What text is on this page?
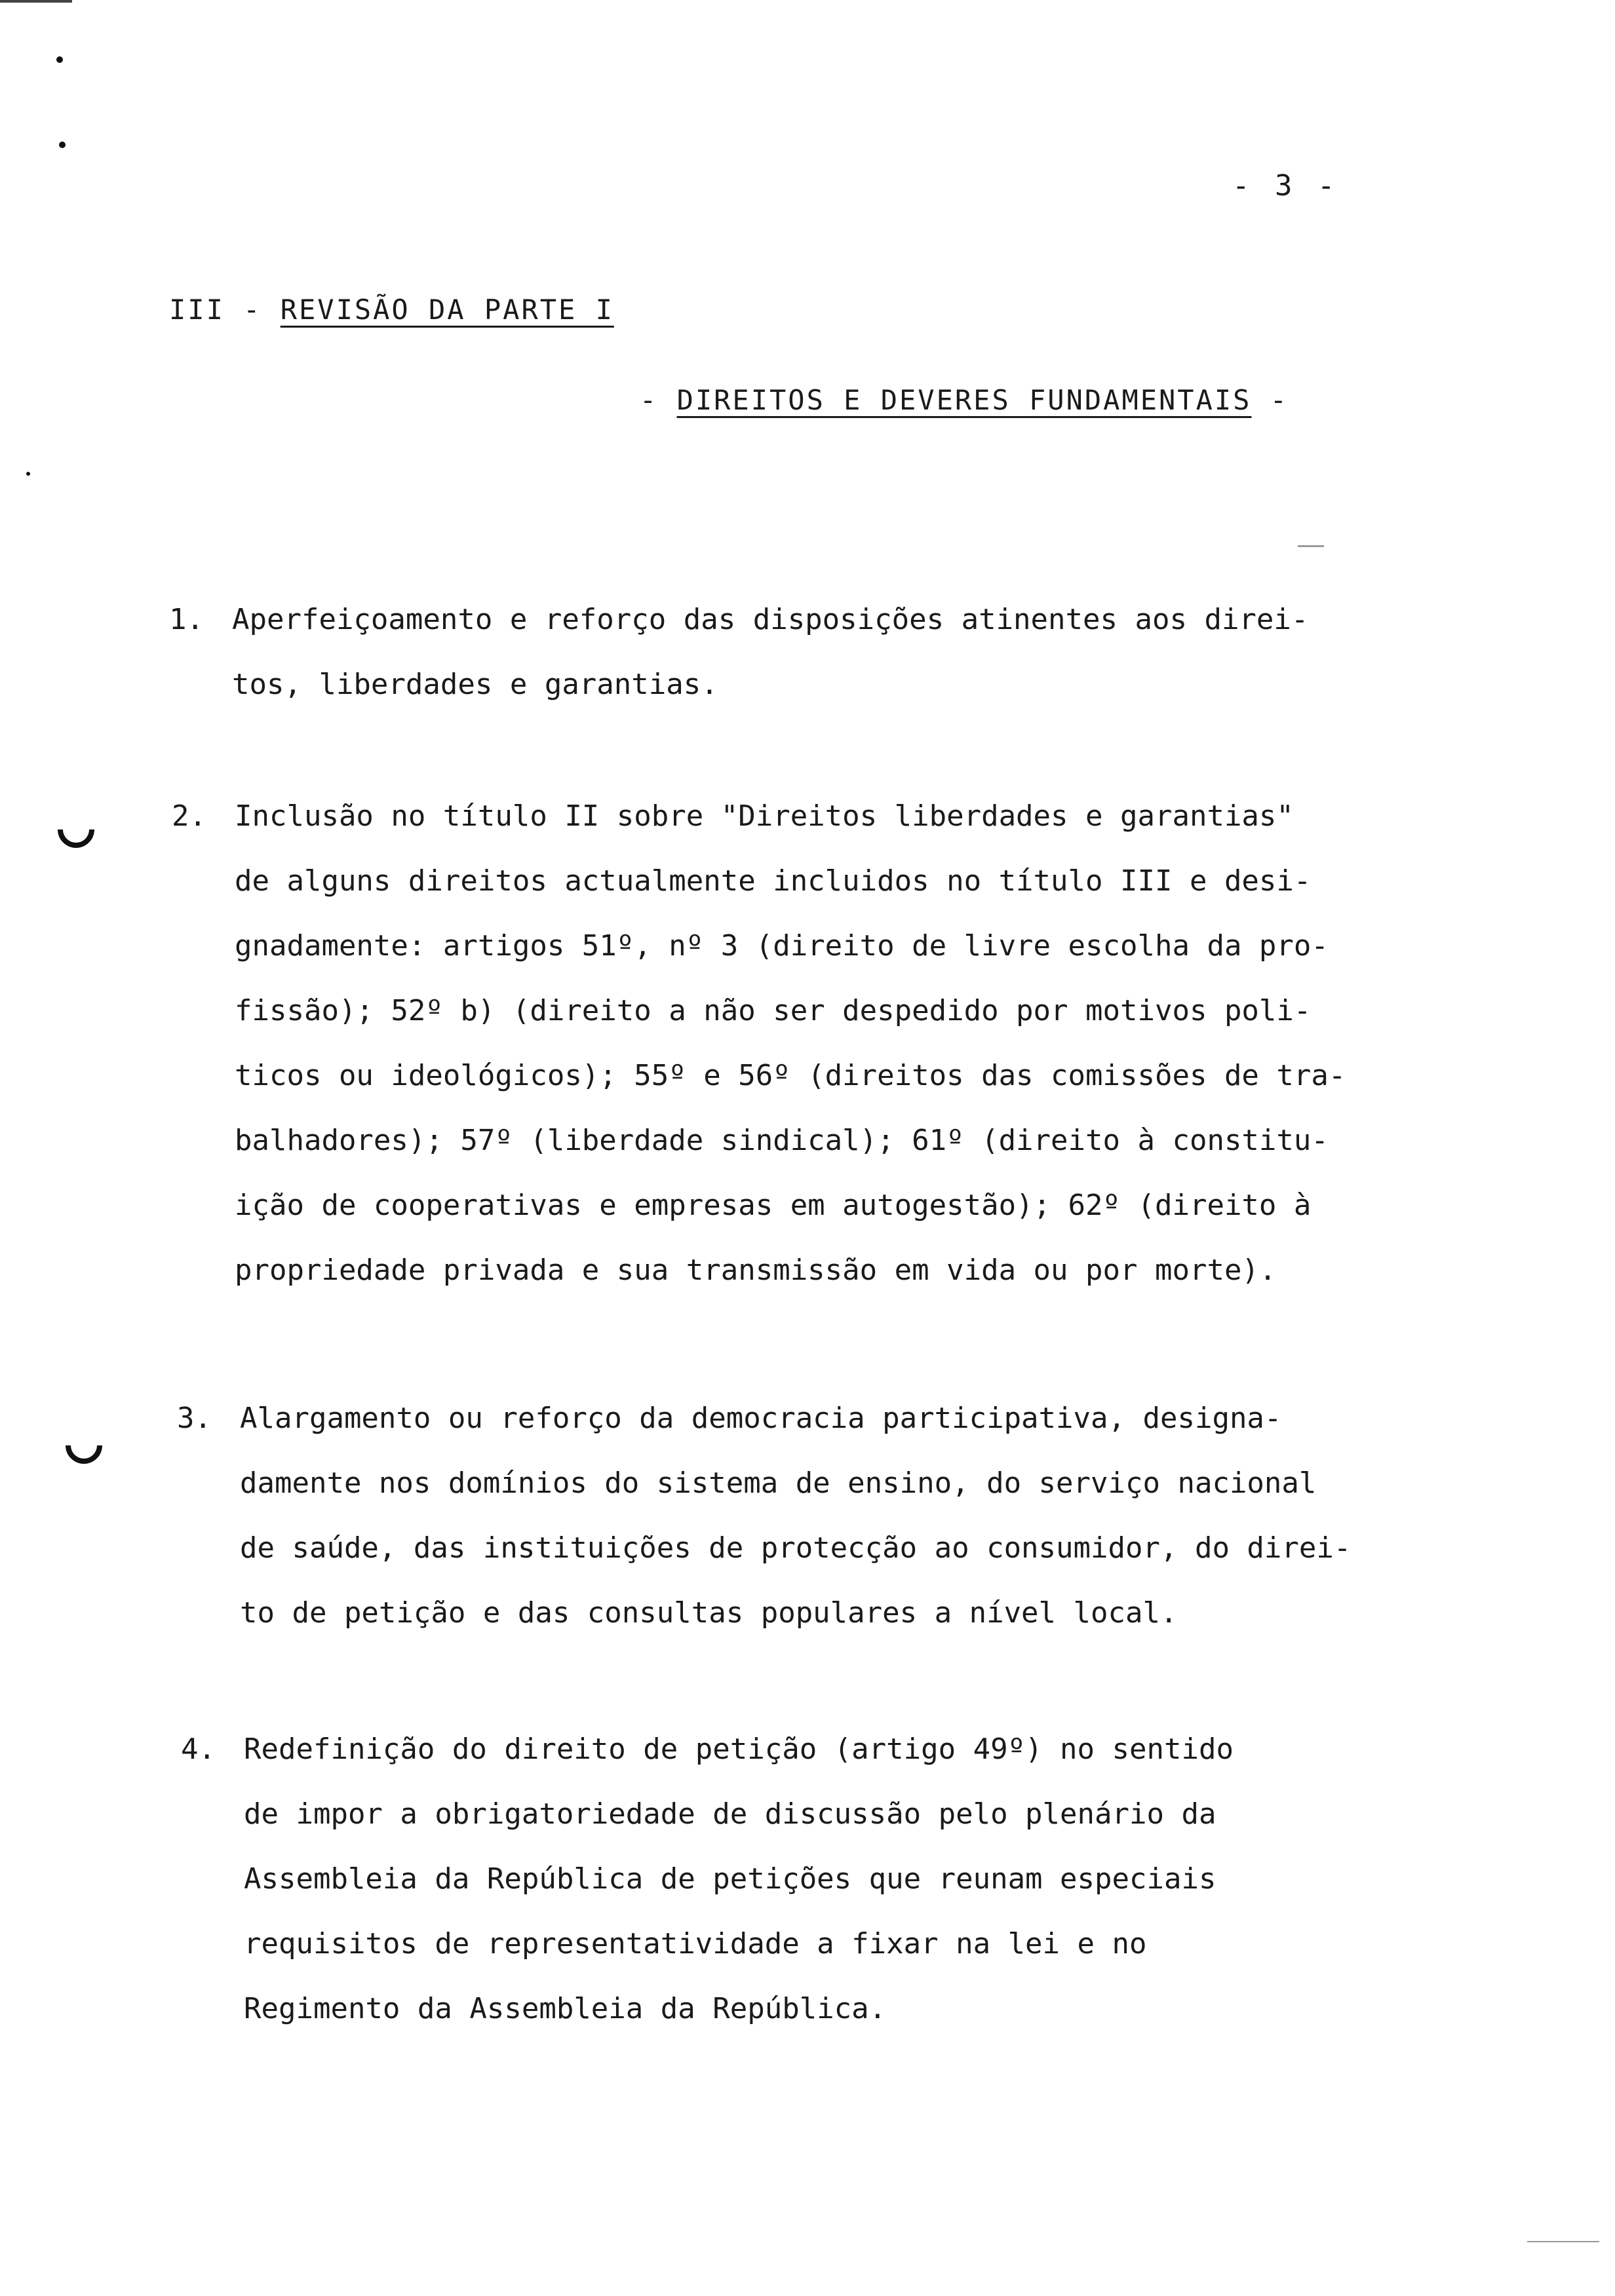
- 3 -
III - REVISÃO DA PARTE I
- DIREITOS E DEVERES FUNDAMENTAIS -
1. Aperfeiçoamento e reforço das disposições atinentes aos direi-
tos, liberdades e garantias.
2. Inclusão no título II sobre "Direitos liberdades e garantias"
de alguns direitos actualmente incluidos no título III e desi-
gnadamente: artigos 51º, nº 3 (direito de livre escolha da pro-
fissão); 52º b) (direito a não ser despedido por motivos poli-
ticos ou ideológicos); 55º e 56º (direitos das comissões de tra-
balhadores); 57º (liberdade sindical); 61º (direito à constitu-
ição de cooperativas e empresas em autogestão); 62º (direito à
propriedade privada e sua transmissão em vida ou por morte).
3. Alargamento ou reforço da democracia participativa, designa-
damente nos domínios do sistema de ensino, do serviço nacional
de saúde, das instituições de protecção ao consumidor, do direi-
to de petição e das consultas populares a nível local.
4. Redefinição do direito de petição (artigo 49º) no sentido
de impor a obrigatoriedade de discussão pelo plenário da
Assembleia da República de petições que reunam especiais
requisitos de representatividade a fixar na lei e no
Regimento da Assembleia da República.
